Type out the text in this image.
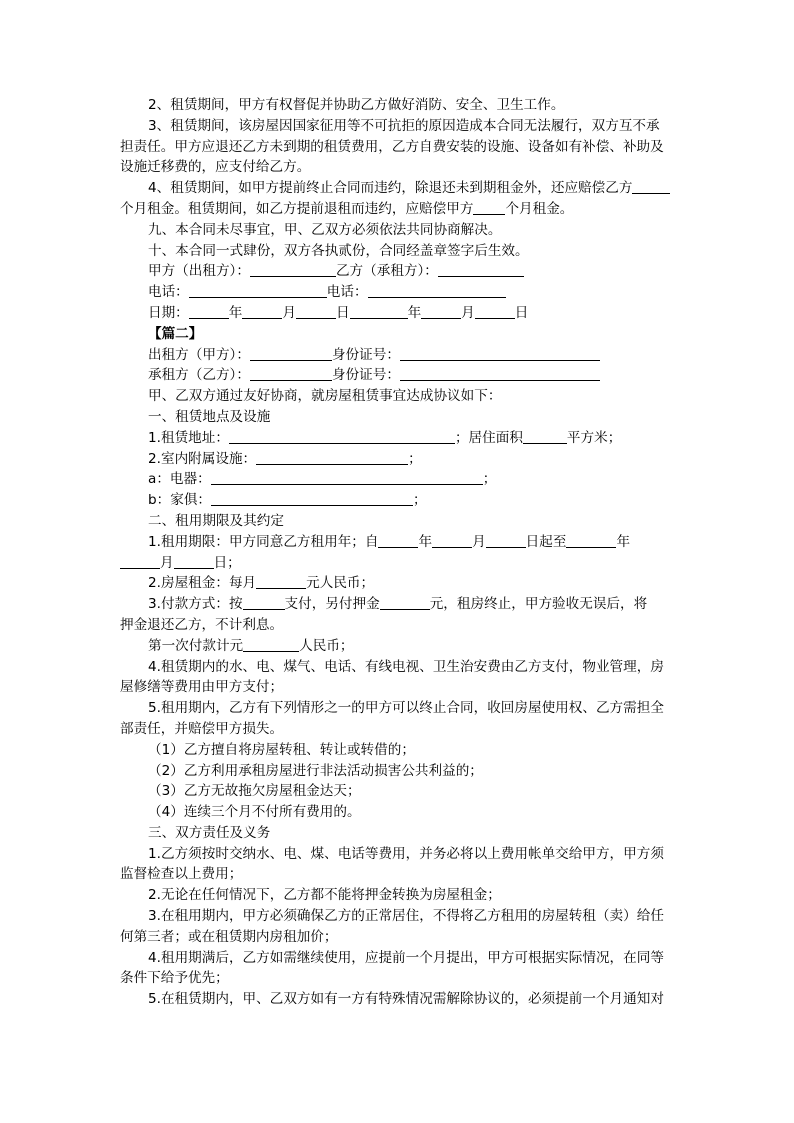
2、租赁期间，甲方有权督促并协助乙方做好消防、安全、卫生工作。

3、租赁期间，该房屋因国家征用等不可抗拒的原因造成本合同无法履行，双方互不承

担责任。甲方应退还乙方未到期的租赁费用，乙方自费安装的设施、设备如有补偿、补助及

设施迁移费的，应支付给乙方。

4、租赁期间，如甲方提前终止合同而违约，除退还未到期租金外，还应赔偿乙方

个月租金。租赁期间，如乙方提前退租而违约，应赔偿甲方 个月租金。

九、本合同未尽事宜，甲、乙双方必须依法共同协商解决。

十、本合同一式肆份，双方各执贰份，合同经盖章签字后生效。

甲方（出租方）：	乙方（承租方）：

电话：	电话：

日期：	年	月	日	年	月	日

【篇二】

出租方（甲方）：	身份证号：

承租方（乙方）：	身份证号：

甲、乙双方通过友好协商，就房屋租赁事宜达成协议如下：

一、租赁地点及设施

1.租赁地址：	；居住面积	平方米；

2.室内附属设施：	；

a：电器：	；

b：家俱：	；

二、租用期限及其约定

1.租用期限：甲方同意乙方租用年；自	年	月	日起至	年

月	日；

2.房屋租金：每月	元人民币；

3.付款方式：按	支付，另付押金	元，租房终止，甲方验收无误后，将

押金退还乙方，不计利息。

第一次付款计元	人民币；

4.租赁期内的水、电、煤气、电话、有线电视、卫生治安费由乙方支付，物业管理，房

屋修缮等费用由甲方支付；

5.租用期内，乙方有下列情形之一的甲方可以终止合同，收回房屋使用权、乙方需担全

部责任，并赔偿甲方损失。

（1）乙方擅自将房屋转租、转让或转借的；

（2）乙方利用承租房屋进行非法活动损害公共利益的；

（3）乙方无故拖欠房屋租金达天；

（4）连续三个月不付所有费用的。

三、双方责任及义务

1.乙方须按时交纳水、电、煤、电话等费用，并务必将以上费用帐单交给甲方，甲方须

监督检查以上费用；

2.无论在任何情况下，乙方都不能将押金转换为房屋租金；

3.在租用期内，甲方必须确保乙方的正常居住，不得将乙方租用的房屋转租（卖）给任

何第三者；或在租赁期内房租加价；

4.租用期满后，乙方如需继续使用，应提前一个月提出，甲方可根据实际情况，在同等

条件下给予优先；

5.在租赁期内，甲、乙双方如有一方有特殊情况需解除协议的，必须提前一个月通知对
